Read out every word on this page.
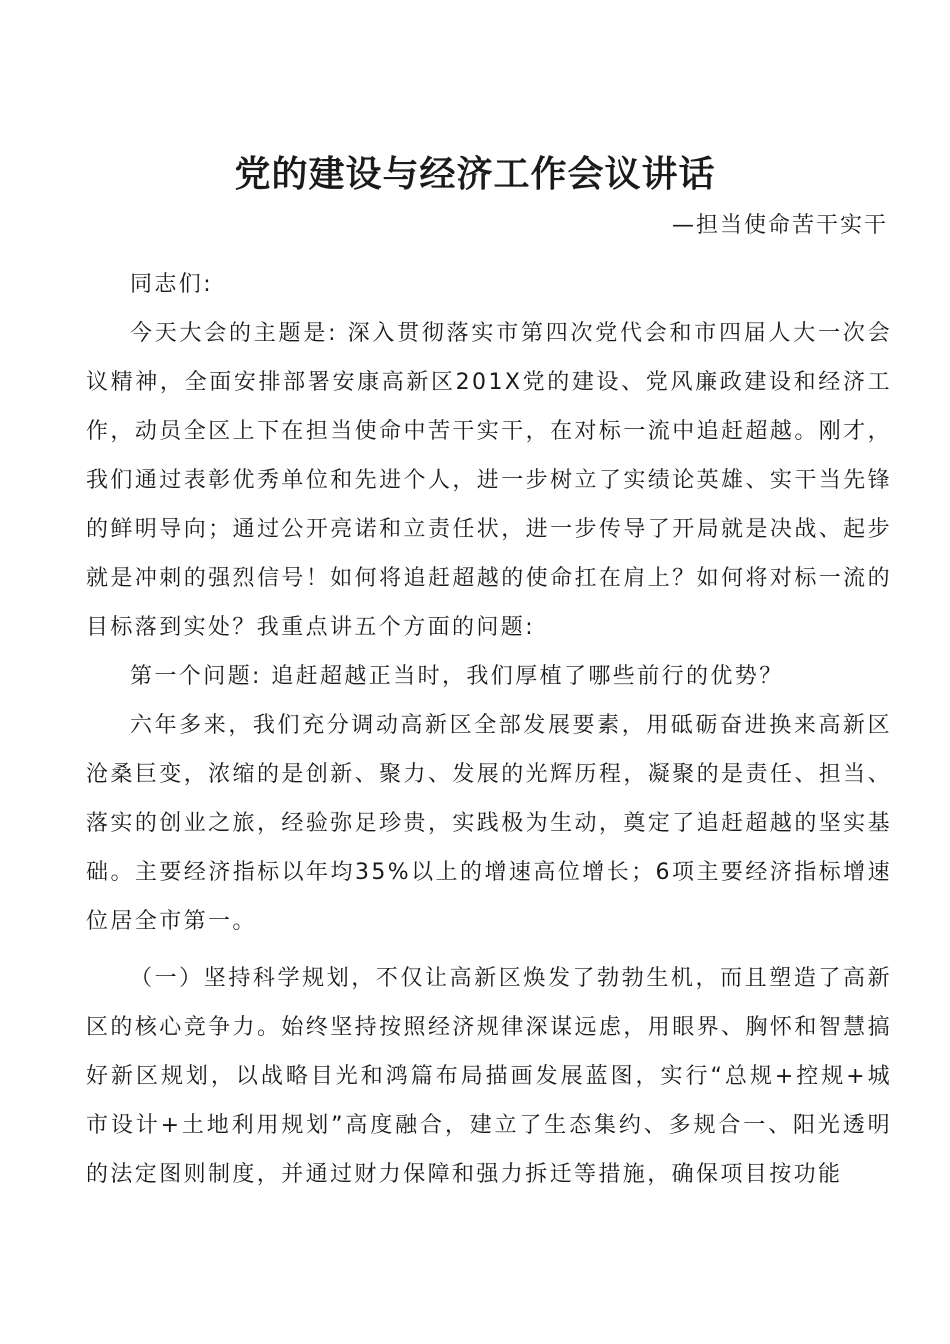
党的建设与经济工作会议讲话
—担当使命苦干实干

同志们:

今天大会的主题是: 深入贯彻落实市第四次党代会和市四届人大一次会议精神，全面安排部署安康高新区201X党的建设、党风廉政建设和经济工作，动员全区上下在担当使命中苦干实干，在对标一流中追赶超越。刚才，我们通过表彰优秀单位和先进个人，进一步树立了实绩论英雄、实干当先锋的鲜明导向；通过公开亮诺和立责任状，进一步传导了开局就是决战、起步就是冲刺的强烈信号！如何将追赶超越的使命扛在肩上？如何将对标一流的目标落到实处？我重点讲五个方面的问题:

第一个问题: 追赶超越正当时，我们厚植了哪些前行的优势？

六年多来，我们充分调动高新区全部发展要素，用砥砺奋进换来高新区沧桑巨变，浓缩的是创新、聚力、发展的光辉历程，凝聚的是责任、担当、落实的创业之旅，经验弥足珍贵，实践极为生动，奠定了追赶超越的坚实基础。主要经济指标以年均35%以上的增速高位增长；6项主要经济指标增速位居全市第一。

（一）坚持科学规划，不仅让高新区焕发了勃勃生机，而且塑造了高新区的核心竞争力。始终坚持按照经济规律深谋远虑，用眼界、胸怀和智慧搞好新区规划，以战略目光和鸿篇布局描画发展蓝图，实行“总规+控规+城市设计+土地利用规划”高度融合，建立了生态集约、多规合一、阳光透明的法定图则制度，并通过财力保障和强力拆迁等措施，确保项目按功能
